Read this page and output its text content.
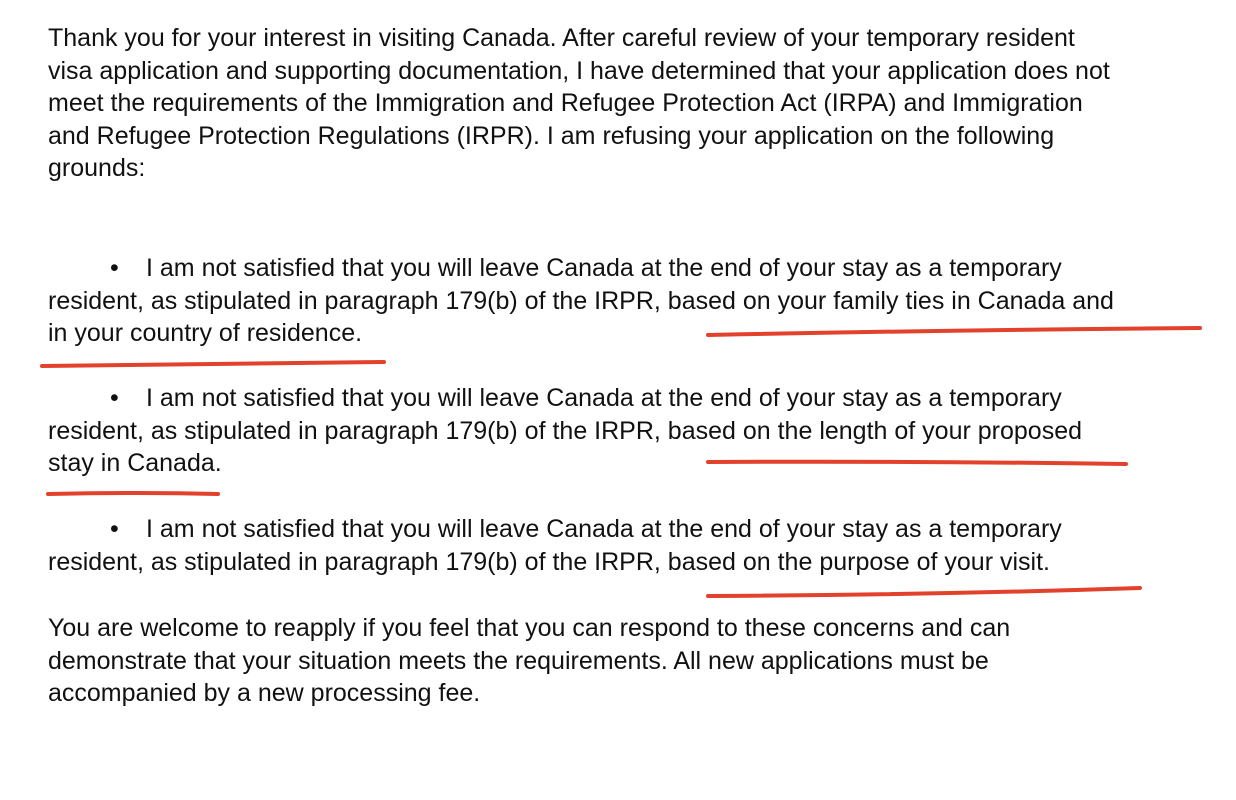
Thank you for your interest in visiting Canada. After careful review of your temporary resident
visa application and supporting documentation, I have determined that your application does not
meet the requirements of the Immigration and Refugee Protection Act (IRPA) and Immigration
and Refugee Protection Regulations (IRPR). I am refusing your application on the following
grounds:

• I am not satisfied that you will leave Canada at the end of your stay as a temporary
resident, as stipulated in paragraph 179(b) of the IRPR, based on your family ties in Canada and
in your country of residence.

• I am not satisfied that you will leave Canada at the end of your stay as a temporary
resident, as stipulated in paragraph 179(b) of the IRPR, based on the length of your proposed
stay in Canada.

• I am not satisfied that you will leave Canada at the end of your stay as a temporary
resident, as stipulated in paragraph 179(b) of the IRPR, based on the purpose of your visit.

You are welcome to reapply if you feel that you can respond to these concerns and can
demonstrate that your situation meets the requirements. All new applications must be
accompanied by a new processing fee.
